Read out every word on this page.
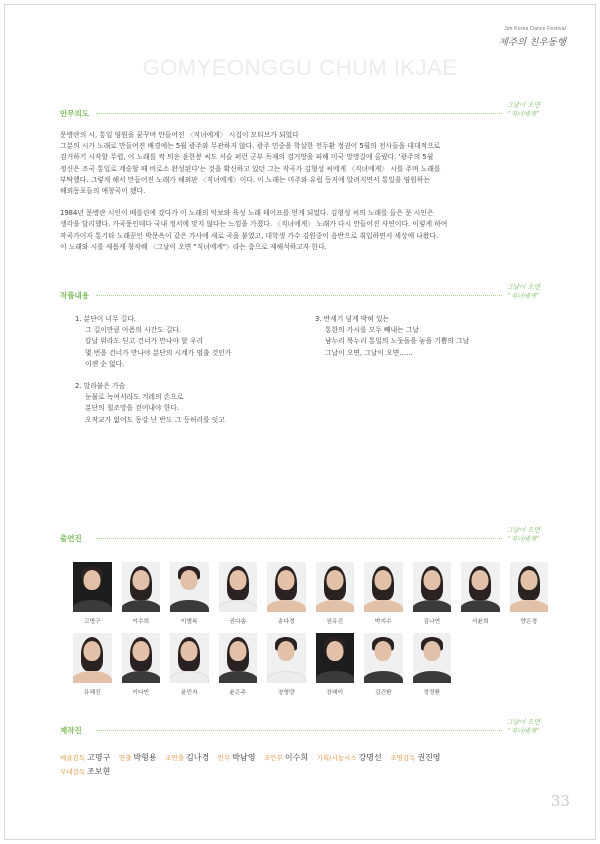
Jim Korea Dance Festival
제주의 친우동행
GOMYEONGGU CHUM IKJAE
안무의도
그날이 오면
“직녀에게”

문병란의 시, 통일 염원을 꿈꾸며 만들어진 〈직녀에게〉 시집이 모티브가 되었다
그분의 시가 노래로 만들어진 배경에는 5월 광주와 무관하지 않다. 광주 민중을 학살한 전두환 정권이 5월의 전사들을 대대적으로
검거하기 시작할 무렵, 이 노래를 싹 틔운 윤한봉 씨도 서슬 퍼런 군부 독재의 검거망을 피해 미국 망명길에 올랐다. '광주의 5월
정신은 조국 통일로 계승할 때 비로소 완성된다'는 것을 확신하고 있던 그는 작곡가 김형성 씨에게 〈직녀에게〉 시를 주며 노래를
부탁했다. 그렇게 해서 만들어진 노래가 해외판 〈직녀에게〉이다. 이 노래는 미주와 유럽 등지에 알려지면서 통일을 염원하는
해외동포들의 애창곡이 됐다.

1984년 문병란 시인이 베를린에 갔다가 이 노래의 악보와 육성 노래 테이프를 얻게 되었다. 김형성 씨의 노래를 들은 문 시인은
생각을 달리했다. 가곡풍인데다 국내 정서에 맞지 않다는 느낌을 가졌다. 〈직녀에게〉 노래가 다시 만들어진 사연이다. 이렇게 하여
작곡가이자 통기타 노래꾼인 박문옥이 같은 가사에 새로 곡을 붙였고, 대학생 가수 김원중이 음반으로 취입하면서 세상에 나왔다.
이 노래와 시를 새롭게 창작해 〈그날이 오면 "직녀에게"〉라는 춤으로 재해석하고자 한다.

작품내용
그날이 오면
“직녀에게”
1. 분단이 너무 길다.
그 길이만큼 아픔의 시간도 길다.
칼날 위라도 딛고 건너가 만나야 할 우리
몇 번을 건너가 만나야 분단의 시계가 멈출 것인가
이젠 순 없다.
2. 말라붙은 가슴
눈물로 녹여서라도 겨레의 손으로
분단의 철조망을 걷어내야 한다.
오작교가 없어도 동강 난 반도 그 등허리를 잇고
3. 반세기 넘게 박혀 있는
통한의 가시를 모두 빼내는 그날
남누리 북누리 통일의 노둣돌을 놓을 기쁨의 그날
그날이 오면, 그날이 오면……
출연진
그날이 오면
“직녀에게”
고명구	이수희	이별복	권다솜	송다경	권유진	박지수	김나연	서윤희	양은경
유혜진	이다빈	윤민지	윤은주	장형량	장래이	김건환	정정환
제작진
그날이 오면
“직녀에게”
예술감독 고명구 연출 박형용 조연출 김나경 안무 박남영 조안무 이수희 기획/시놉시스 강명선 조명감독 권진영
무대감독 조보현
33
